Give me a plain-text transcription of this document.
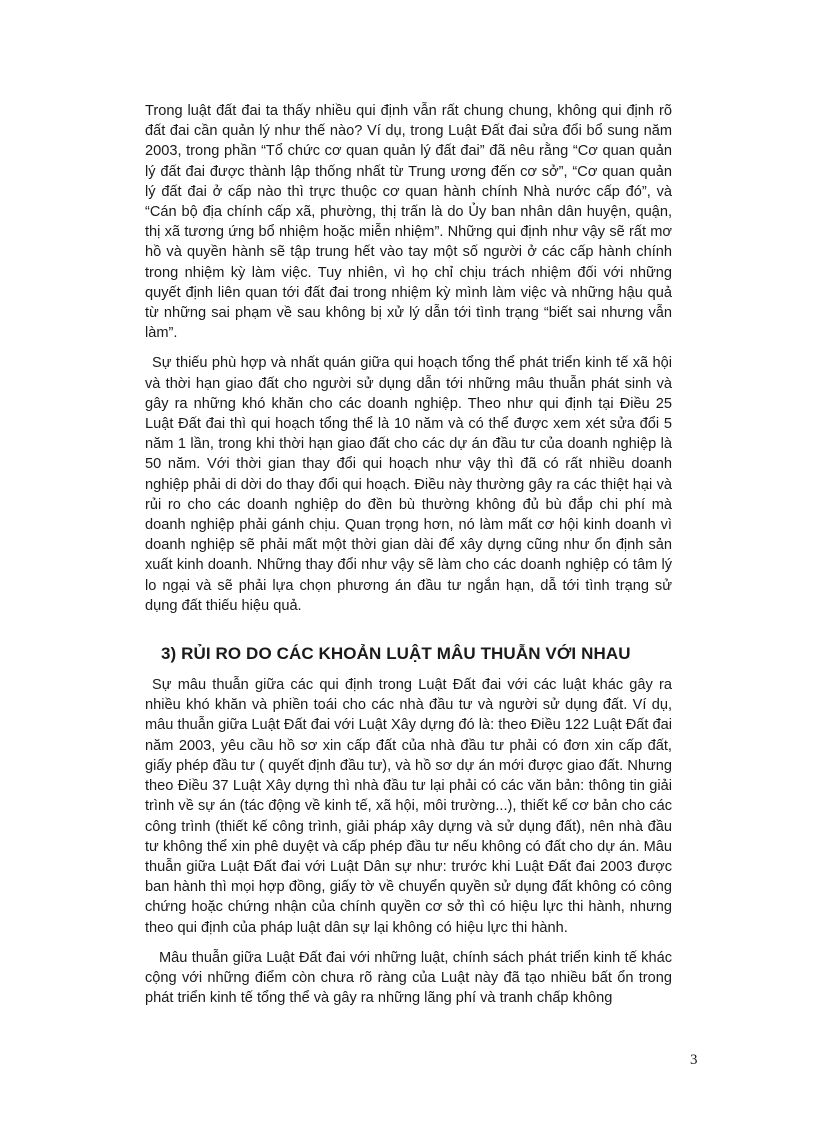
Trong luật đất đai ta thấy nhiều qui định vẫn rất chung chung, không qui định rõ đất đai cần quản lý như thế nào? Ví dụ, trong Luật Đất đai sửa đổi bổ sung năm 2003, trong phần “Tổ chức cơ quan quản lý đất đai” đã nêu rằng “Cơ quan quản lý đất đai được thành lập thống nhất từ Trung ương đến cơ sở”, “Cơ quan quản lý đất đai ở cấp nào thì trực thuộc cơ quan hành chính Nhà nước cấp đó”, và “Cán bộ địa chính cấp xã, phường, thị trấn là do Ủy ban nhân dân huyện, quận, thị xã tương ứng bổ nhiệm hoặc miễn nhiệm”. Những qui định như vậy sẽ rất mơ hồ và quyền hành sẽ tập trung hết vào tay một số người ở các cấp hành chính trong nhiệm kỳ làm việc. Tuy nhiên, vì họ chỉ chịu trách nhiệm đối với những quyết định liên quan tới đất đai trong nhiệm kỳ mình làm việc và những hậu quả từ những sai phạm về sau không bị xử lý dẫn tới tình trạng “biết sai nhưng vẫn làm”.

Sự thiếu phù hợp và nhất quán giữa qui hoạch tổng thể phát triển kinh tế xã hội và thời hạn giao đất cho người sử dụng dẫn tới những mâu thuẫn phát sinh và gây ra những khó khăn cho các doanh nghiệp. Theo như qui định tại Điều 25 Luật Đất đai thì qui hoạch tổng thể là 10 năm và có thể được xem xét sửa đổi 5 năm 1 lần, trong khi thời hạn giao đất cho các dự án đầu tư của doanh nghiệp là 50 năm. Với thời gian thay đổi qui hoạch như vậy thì đã có rất nhiều doanh nghiệp phải di dời do thay đổi qui hoạch. Điều này thường gây ra các thiệt hại và rủi ro cho các doanh nghiệp do đền bù thường không đủ bù đắp chi phí mà doanh nghiệp phải gánh chịu. Quan trọng hơn, nó làm mất cơ hội kinh doanh vì doanh nghiệp sẽ phải mất một thời gian dài để xây dựng cũng như ổn định sản xuất kinh doanh. Những thay đổi như vậy sẽ làm cho các doanh nghiệp có tâm lý lo ngại và sẽ phải lựa chọn phương án đầu tư ngắn hạn, dẫ tới tình trạng sử dụng đất thiếu hiệu quả.

3) RỦI RO DO CÁC KHOẢN LUẬT MÂU THUẪN VỚI NHAU

Sự mâu thuẫn giữa các qui định trong Luật Đất đai với các luật khác gây ra nhiều khó khăn và phiền toái cho các nhà đầu tư và người sử dụng đất. Ví dụ, mâu thuẫn giữa Luật Đất đai với Luật Xây dựng đó là: theo Điều 122 Luật Đất đai năm 2003, yêu cầu hồ sơ xin cấp đất của nhà đầu tư phải có đơn xin cấp đất, giấy phép đầu tư ( quyết định đầu tư), và hồ sơ dự án mới được giao đất. Nhưng theo Điều 37 Luật Xây dựng thì nhà đầu tư lại phải có các văn bản: thông tin giải trình về sự án (tác động về kinh tế, xã hội, môi trường...), thiết kế cơ bản cho các công trình (thiết kế công trình, giải pháp xây dựng và sử dụng đất), nên nhà đầu tư không thể xin phê duyệt và cấp phép đầu tư nếu không có đất cho dự án. Mâu thuẫn giữa Luật Đất đai với Luật Dân sự như: trước khi Luật Đất đai 2003 được ban hành thì mọi hợp đồng, giấy tờ về chuyển quyền sử dụng đất không có công chứng hoặc chứng nhận của chính quyền cơ sở thì có hiệu lực thi hành, nhưng theo qui định của pháp luật dân sự lại không có hiệu lực thi hành.

Mâu thuẫn giữa Luật Đất đai với những luật, chính sách phát triển kinh tế khác cộng với những điểm còn chưa rõ ràng của Luật này đã tạo nhiều bất ổn trong phát triển kinh tế tổng thể và gây ra những lãng phí và tranh chấp không

3
